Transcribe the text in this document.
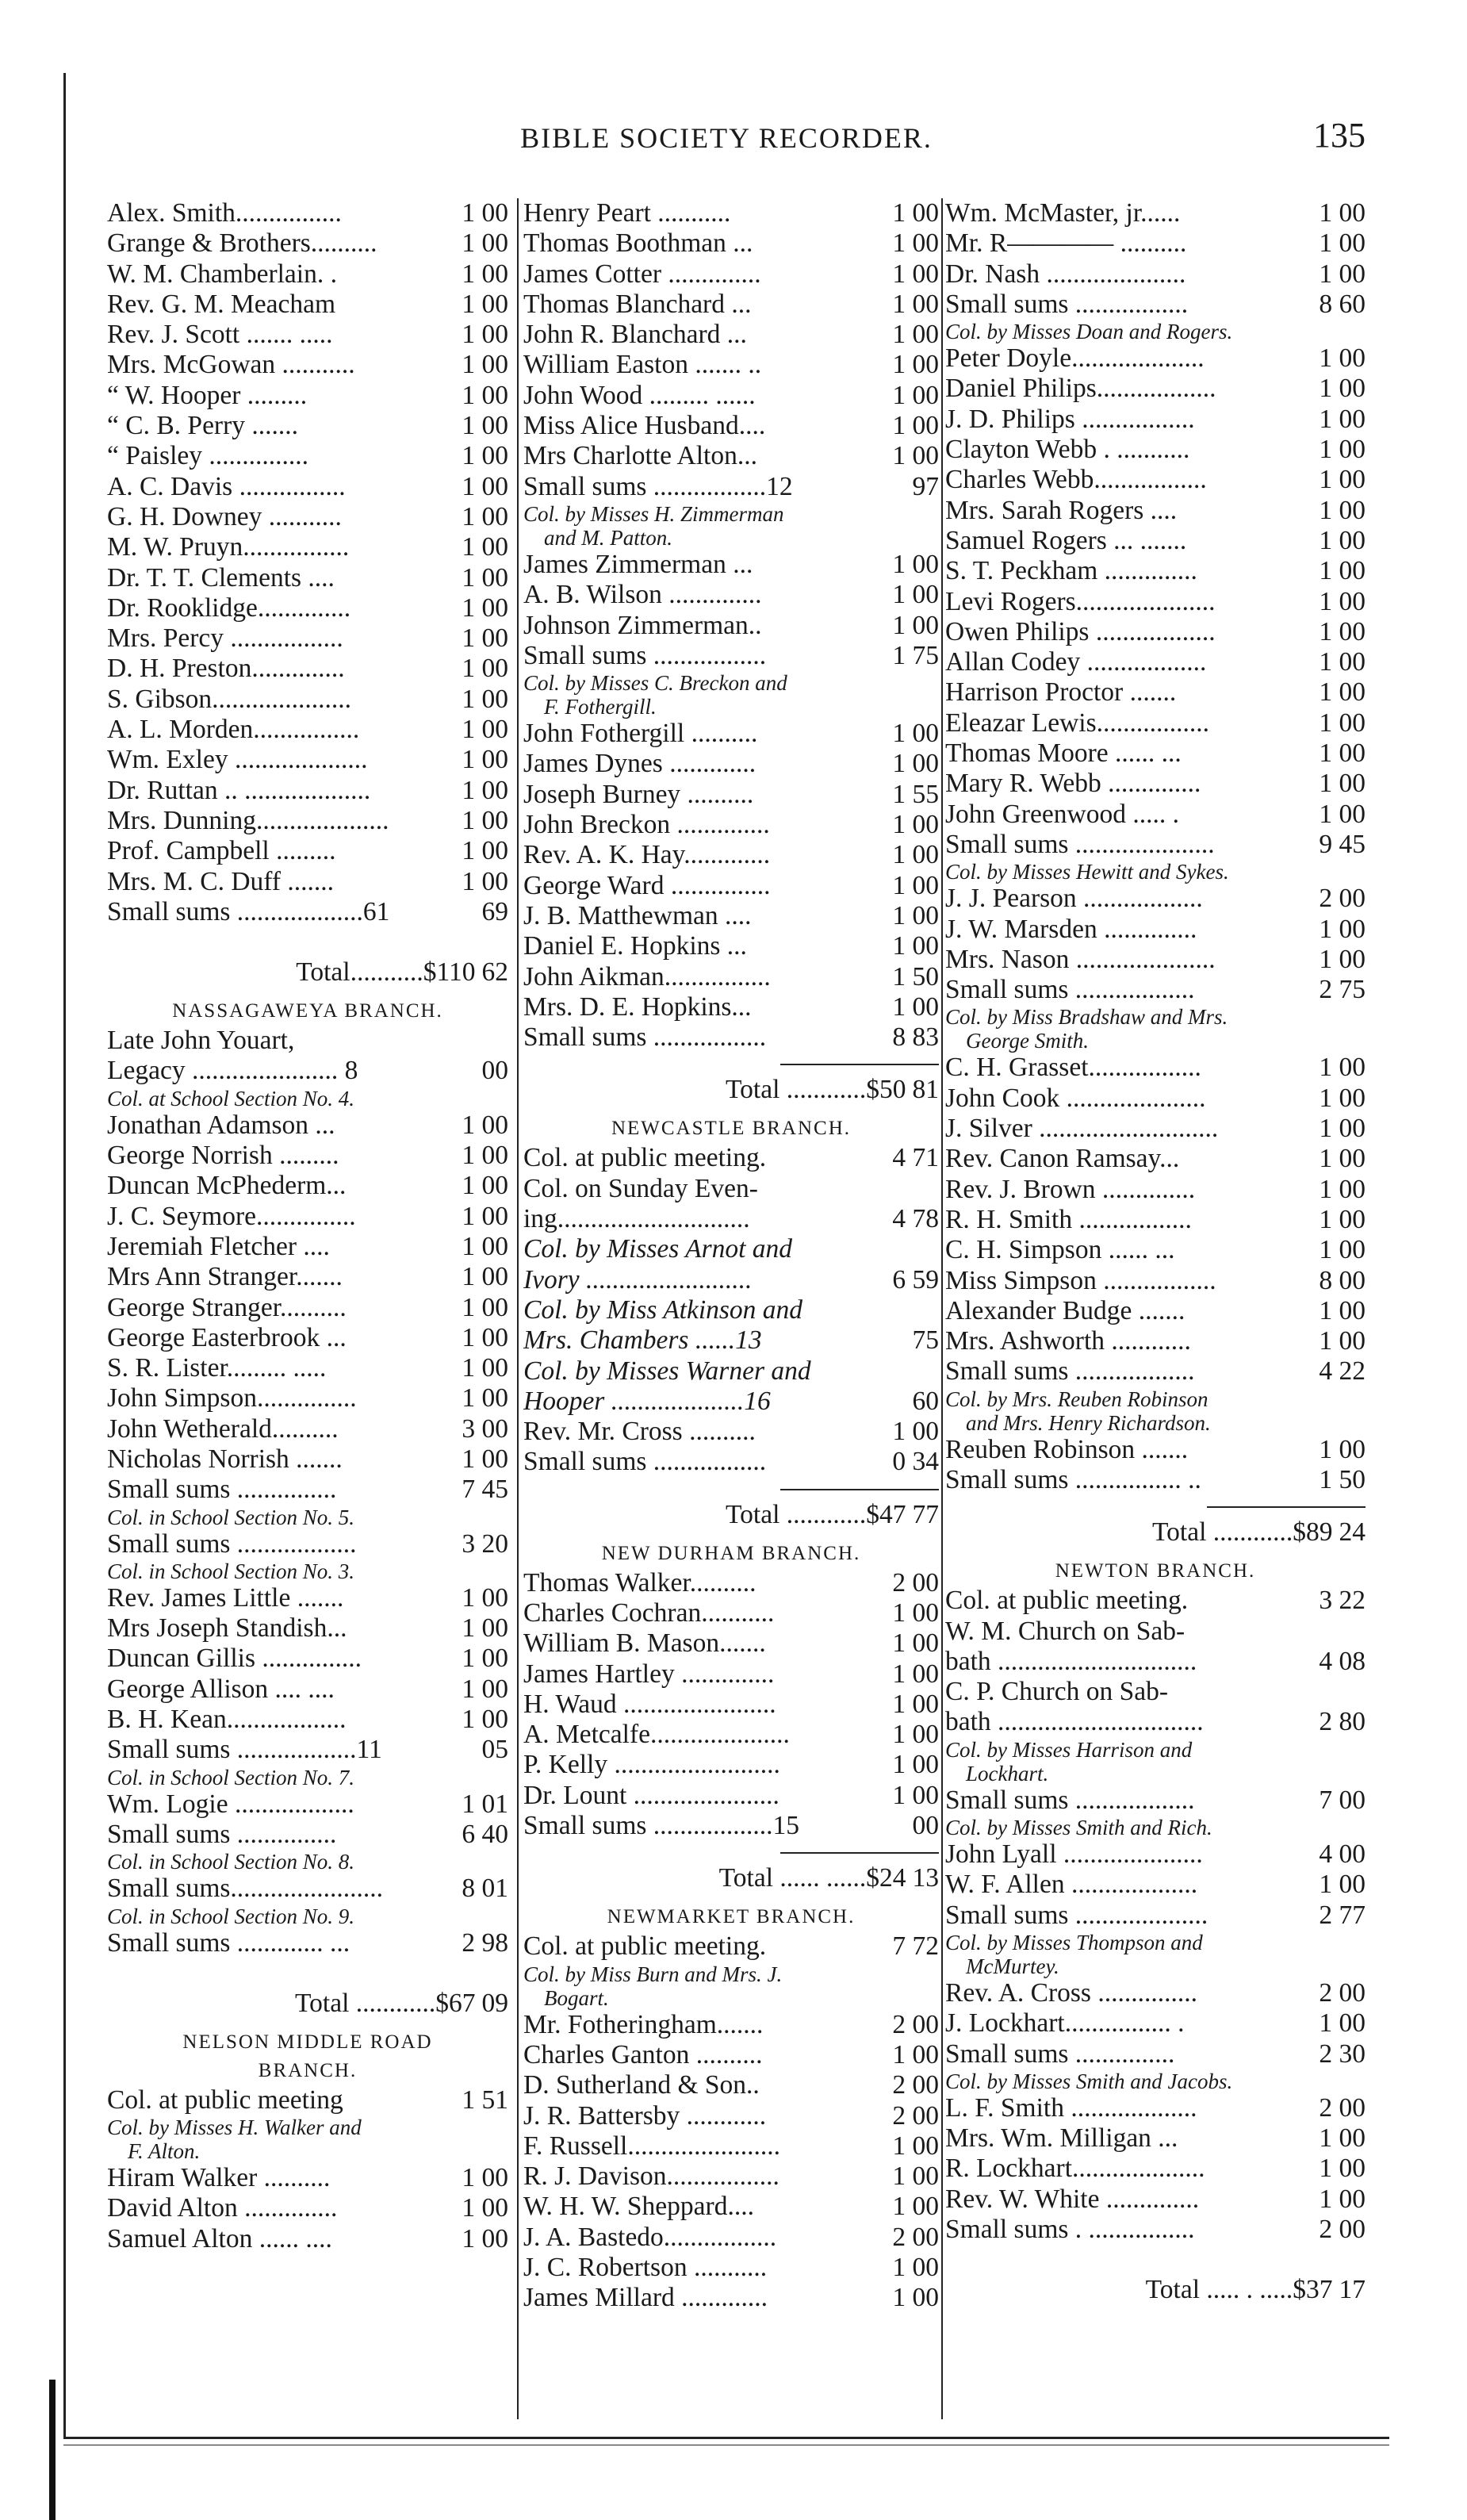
BIBLE SOCIETY RECORDER.	135
Alex. Smith................	1 00
Grange & Brothers..........	1 00
W. M. Chamberlain. .	1 00
Rev. G. M. Meacham	1 00
Rev. J. Scott ....... .....	1 00
Mrs. McGowan ...........	1 00
“ W. Hooper .........	1 00
“ C. B. Perry .......	1 00
“ Paisley ...............	1 00
A. C. Davis ................	1 00
G. H. Downey ...........	1 00
M. W. Pruyn................	1 00
Dr. T. T. Clements ....	1 00
Dr. Rooklidge..............	1 00
Mrs. Percy .................	1 00
D. H. Preston..............	1 00
S. Gibson.....................	1 00
A. L. Morden................	1 00
Wm. Exley ....................	1 00
Dr. Ruttan .. ...................	1 00
Mrs. Dunning....................	1 00
Prof. Campbell .........	1 00
Mrs. M. C. Duff .......	1 00
Small sums ...................61	69
Total...........$110 62
NASSAGAWEYA BRANCH.
Late John Youart,
Legacy ...................... 8	00
Col. at School Section No. 4.
Jonathan Adamson ...	1 00
George Norrish .........	1 00
Duncan McPhederm...	1 00
J. C. Seymore...............	1 00
Jeremiah Fletcher ....	1 00
Mrs Ann Stranger.......	1 00
George Stranger..........	1 00
George Easterbrook ...	1 00
S. R. Lister......... .....	1 00
John Simpson...............	1 00
John Wetherald..........	3 00
Nicholas Norrish .......	1 00
Small sums ...............	7 45
Col. in School Section No. 5.
Small sums ..................	3 20
Col. in School Section No. 3.
Rev. James Little .......	1 00
Mrs Joseph Standish...	1 00
Duncan Gillis ...............	1 00
George Allison .... ....	1 00
B. H. Kean..................	1 00
Small sums ..................11	05
Col. in School Section No. 7.
Wm. Logie ..................	1 01
Small sums ...............	6 40
Col. in School Section No. 8.
Small sums.......................	8 01
Col. in School Section No. 9.
Small sums ............. ...	2 98
Total ............$67 09
NELSON MIDDLE ROAD
BRANCH.
Col. at public meeting	1 51
Col. by Misses H. Walker and
F. Alton.
Hiram Walker ..........	1 00
David Alton ..............	1 00
Samuel Alton ...... ....	1 00
Henry Peart ...........	1 00
Thomas Boothman ...	1 00
James Cotter ..............	1 00
Thomas Blanchard ...	1 00
John R. Blanchard ...	1 00
William Easton ....... ..	1 00
John Wood ......... ......	1 00
Miss Alice Husband....	1 00
Mrs Charlotte Alton...	1 00
Small sums .................12	97
Col. by Misses H. Zimmerman
and M. Patton.
James Zimmerman ...	1 00
A. B. Wilson ..............	1 00
Johnson Zimmerman..	1 00
Small sums .................	1 75
Col. by Misses C. Breckon and
F. Fothergill.
John Fothergill ..........	1 00
James Dynes .............	1 00
Joseph Burney ..........	1 55
John Breckon ..............	1 00
Rev. A. K. Hay.............	1 00
George Ward ...............	1 00
J. B. Matthewman ....	1 00
Daniel E. Hopkins ...	1 00
John Aikman................	1 50
Mrs. D. E. Hopkins...	1 00
Small sums .................	8 83
Total ............$50 81
NEWCASTLE BRANCH.
Col. at public meeting.	4 71
Col. on Sunday Even-
ing.............................	4 78
Col. by Misses Arnot and
Ivory .........................	6 59
Col. by Miss Atkinson and
Mrs. Chambers ......13	75
Col. by Misses Warner and
Hooper ....................16	60
Rev. Mr. Cross ..........	1 00
Small sums .................	0 34
Total ............$47 77
NEW DURHAM BRANCH.
Thomas Walker..........	2 00
Charles Cochran...........	1 00
William B. Mason.......	1 00
James Hartley ..............	1 00
H. Waud .......................	1 00
A. Metcalfe.....................	1 00
P. Kelly .........................	1 00
Dr. Lount ......................	1 00
Small sums ..................15	00
Total ...... ......$24 13
NEWMARKET BRANCH.
Col. at public meeting.	7 72
Col. by Miss Burn and Mrs. J.
Bogart.
Mr. Fotheringham.......	2 00
Charles Ganton ..........	1 00
D. Sutherland & Son..	2 00
J. R. Battersby ............	2 00
F. Russell.......................	1 00
R. J. Davison.................	1 00
W. H. W. Sheppard....	1 00
J. A. Bastedo.................	2 00
J. C. Robertson ...........	1 00
James Millard .............	1 00
Wm. McMaster, jr......	1 00
Mr. R———— ..........	1 00
Dr. Nash .....................	1 00
Small sums .................	8 60
Col. by Misses Doan and Rogers.
Peter Doyle....................	1 00
Daniel Philips..................	1 00
J. D. Philips .................	1 00
Clayton Webb . ...........	1 00
Charles Webb.................	1 00
Mrs. Sarah Rogers ....	1 00
Samuel Rogers ... .......	1 00
S. T. Peckham ..............	1 00
Levi Rogers.....................	1 00
Owen Philips ..................	1 00
Allan Codey ..................	1 00
Harrison Proctor .......	1 00
Eleazar Lewis.................	1 00
Thomas Moore ...... ...	1 00
Mary R. Webb ..............	1 00
John Greenwood ..... .	1 00
Small sums .....................	9 45
Col. by Misses Hewitt and Sykes.
J. J. Pearson ..................	2 00
J. W. Marsden ..............	1 00
Mrs. Nason .....................	1 00
Small sums ..................	2 75
Col. by Miss Bradshaw and Mrs.
George Smith.
C. H. Grasset.................	1 00
John Cook .....................	1 00
J. Silver ...........................	1 00
Rev. Canon Ramsay...	1 00
Rev. J. Brown ..............	1 00
R. H. Smith .................	1 00
C. H. Simpson ...... ...	1 00
Miss Simpson .................	8 00
Alexander Budge .......	1 00
Mrs. Ashworth ............	1 00
Small sums ..................	4 22
Col. by Mrs. Reuben Robinson
and Mrs. Henry Richardson.
Reuben Robinson .......	1 00
Small sums ................ ..	1 50
Total ............$89 24
NEWTON BRANCH.
Col. at public meeting.	3 22
W. M. Church on Sab-
bath ..............................	4 08
C. P. Church on Sab-
bath ...............................	2 80
Col. by Misses Harrison and
Lockhart.
Small sums ..................	7 00
Col. by Misses Smith and Rich.
John Lyall .....................	4 00
W. F. Allen ...................	1 00
Small sums ....................	2 77
Col. by Misses Thompson and
McMurtey.
Rev. A. Cross ...............	2 00
J. Lockhart................ .	1 00
Small sums ...............	2 30
Col. by Misses Smith and Jacobs.
L. F. Smith ...................	2 00
Mrs. Wm. Milligan ...	1 00
R. Lockhart....................	1 00
Rev. W. White ..............	1 00
Small sums . ................	2 00
Total ..... . .....$37 17
